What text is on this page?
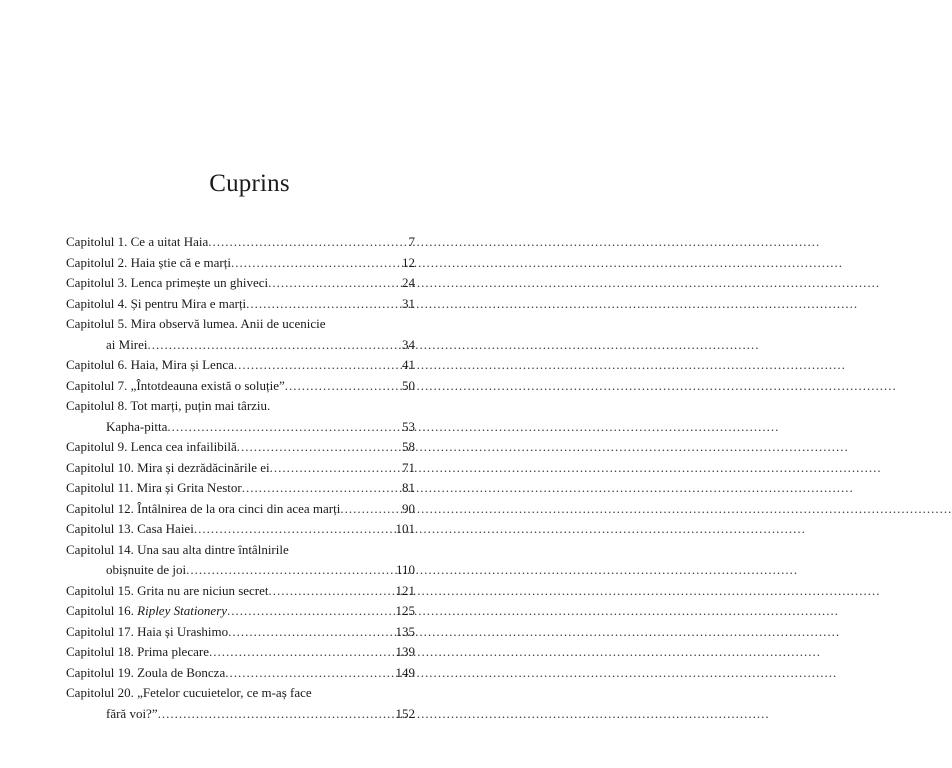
Cuprins
Capitolul 1. Ce a uitat Haia .....	7
Capitolul 2. Haia știe că e marți .....	12
Capitolul 3. Lenca primește un ghiveci .....	24
Capitolul 4. Și pentru Mira e marți .....	31
Capitolul 5. Mira observă lumea. Anii de ucenicie
ai Mirei .....	34
Capitolul 6. Haia, Mira și Lenca .....	41
Capitolul 7. „Întotdeauna există o soluție” .....	50
Capitolul 8. Tot marți, puțin mai târziu.
Kapha-pitta .....	53
Capitolul 9. Lenca cea infailibilă .....	58
Capitolul 10. Mira și dezrădăcinările ei .....	71
Capitolul 11. Mira și Grita Nestor .....	81
Capitolul 12. Întâlnirea de la ora cinci din acea marți .....	90
Capitolul 13. Casa Haiei .....	101
Capitolul 14. Una sau alta dintre întâlnirile
obișnuite de joi .....	110
Capitolul 15. Grita nu are niciun secret .....	121
Capitolul 16. Ripley Stationery .....	125
Capitolul 17. Haia și Urashimo .....	135
Capitolul 18. Prima plecare .....	139
Capitolul 19. Zoula de Boncza .....	149
Capitolul 20. „Fetelor cucuietelor, ce m-aș face
fără voi?” .....	152
